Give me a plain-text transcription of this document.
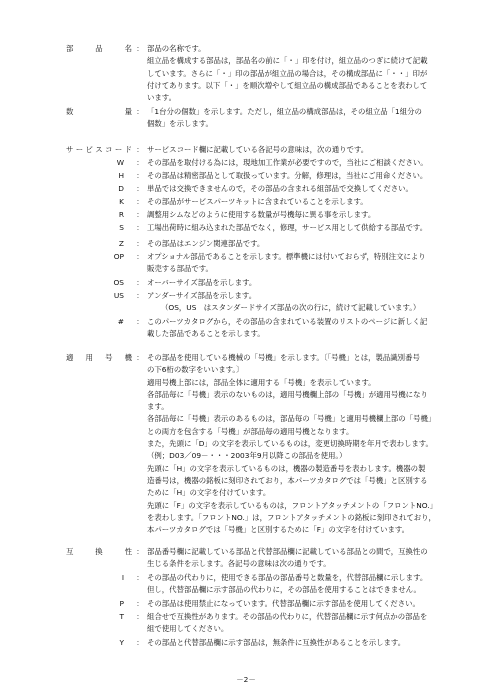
部 品 名 ： 部品の名称です。
組立品を構成する部品は，部品名の前に「・」印を付け，組立品のつぎに続けて記載
しています。さらに「・」印の部品が組立品の場合は，その構成部品に「・・」印が
付けてあります。以下「・」を順次増やして組立品の構成部品であることを表わして
います。
数 量 ： 「1台分の個数」を示します。ただし，組立品の構成部品は，その組立品「1組分の
個数」を示します。
サービスコード ： サービスコード欄に記載している各記号の意味は，次の通りです。
W ： その部品を取付ける為には，現地加工作業が必要ですので，当社にご相談ください。
H ： その部品は精密部品として取扱っています。分解，修理は，当社にご用命ください。
D ： 単品では交換できませんので，その部品の含まれる組部品で交換してください。
K ： その部品がサービスパーツキットに含まれていることを示します。
R ： 調整用シムなどのように使用する数量が号機毎に異る事を示します。
S ： 工場出荷時に組み込まれた部品でなく，修理，サービス用として供給する部品です。
Z ： その部品はエンジン関連部品です。
OP ： オプショナル部品であることを示します。標準機には付いておらず，特別注文により
販売する部品です。
OS ： オーバーサイズ部品を示します。
US ： アンダーサイズ部品を示します。
（OS，US　はスタンダードサイズ部品の次の行に，続けて記載しています。）
# ： このパーツカタログから，その部品の含まれている装置のリストのページに新しく記
載した部品であることを示します。
適 用 号 機 ： その部品を使用している機械の「号機」を示します。〔「号機」とは，製品識別番号
の下6桁の数字をいいます。〕
適用号機上部には，部品全体に適用する「号機」を表示しています。
各部品毎に「号機」表示のないものは，適用号機欄上部の「号機」が適用号機になり
ます。
各部品毎に「号機」表示のあるものは，部品毎の「号機」と適用号機欄上部の「号機」
との両方を包含する「号機」が部品毎の適用号機となります。
また，先頭に「D」の文字を表示しているものは，変更切換時期を年月で表わします。
（例；D03／09－・・・2003年9月以降この部品を使用。）
先頭に「H」の文字を表示しているものは，機器の製造番号を表わします。機器の製
造番号は，機器の銘板に刻印されており，本パーツカタログでは「号機」と区別する
ために「H」の文字を付けています。
先頭に「F」の文字を表示しているものは，フロントアタッチメントの「フロントNO.」
を表わします。「フロントNO.」は，フロントアタッチメントの銘板に刻印されており，
本パーツカタログでは「号機」と区別するために「F」の文字を付けています。
互 換 性 ： 部品番号欄に記載している部品と代替部品欄に記載している部品との間で，互換性の
生じる条件を示します。各記号の意味は次の通りです。
I ： その部品の代わりに，使用できる部品の部品番号と数量を，代替部品欄に示します。
但し，代替部品欄に示す部品の代わりに，その部品を使用することはできません。
P ： その部品は使用禁止になっています。代替部品欄に示す部品を使用してください。
T ： 組合せで互換性があります。その部品の代わりに，代替部品欄に示す何点かの部品を
組で使用してください。
Y ： その部品と代替部品欄に示す部品は，無条件に互換性があることを示します。
－2－
